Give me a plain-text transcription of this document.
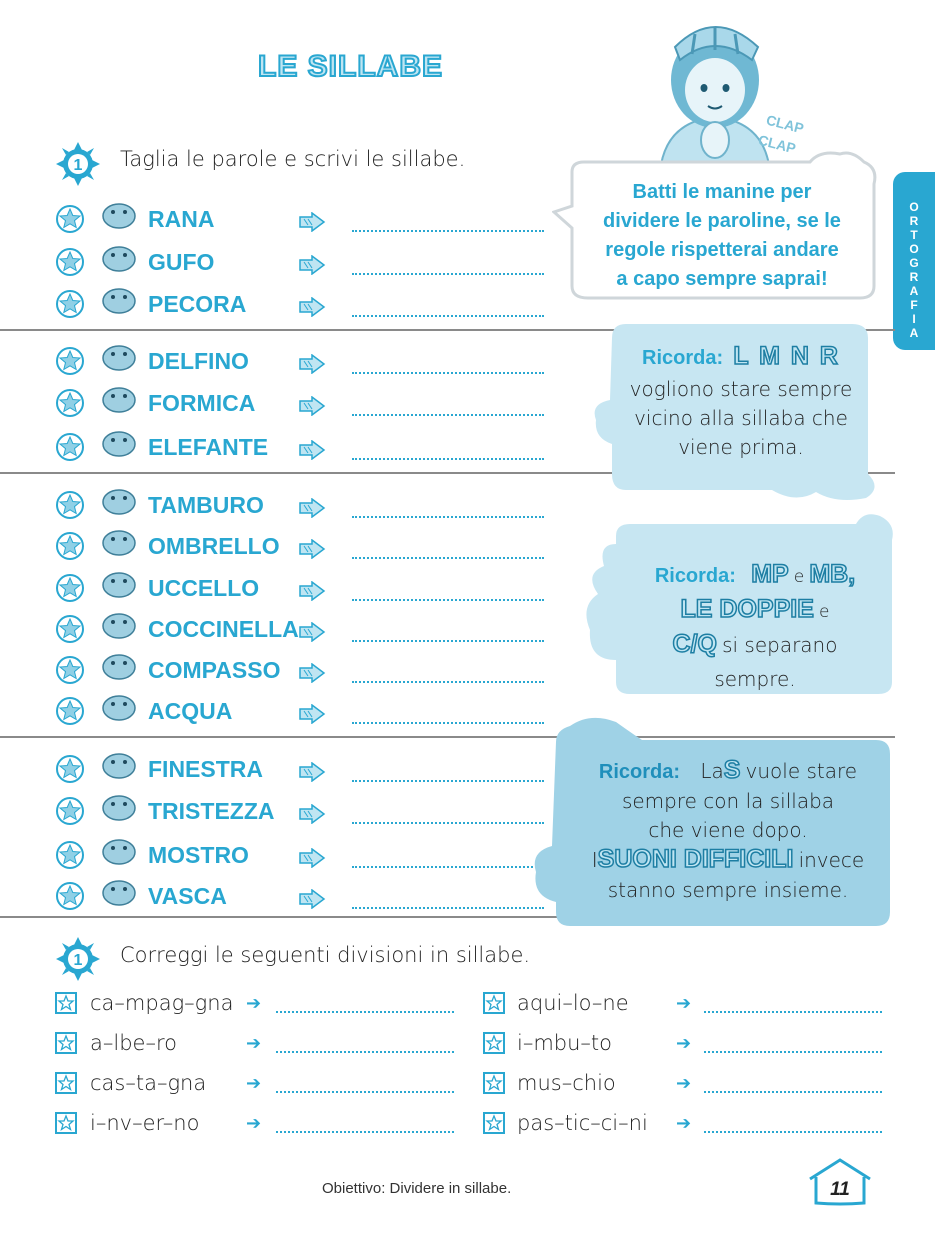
LE SILLABE
CLAP
CLAP
ORTOGRAFIA
1 Taglia le parole e scrivi le sillabe.
RANA
GUFO
PECORA
DELFINO
FORMICA
ELEFANTE
TAMBURO
OMBRELLO
UCCELLO
COCCINELLA
COMPASSO
ACQUA
FINESTRA
TRISTEZZA
MOSTRO
VASCA
Batti le manine per
dividere le paroline, se le
regole rispetterai andare
a capo sempre saprai!
Ricorda: L M N R
vogliono stare sempre
vicino alla sillaba che
viene prima.
Ricorda: MP e MB,
LE DOPPIE e
C/Q si separano
sempre.
Ricorda: LaS vuole stare
sempre con la sillaba
che viene dopo.
ISUONI DIFFICILI invece
stanno sempre insieme.
1 Correggi le seguenti divisioni in sillabe.
ca–mpag–gna ➔
a–lbe–ro	➔
cas–ta–gna ➔
i–nv–er–no	➔
aqui–lo–ne	➔
i–mbu–to	➔
mus–chio	➔
pas–tic–ci–ni ➔
Obiettivo: Dividere in sillabe.	11
